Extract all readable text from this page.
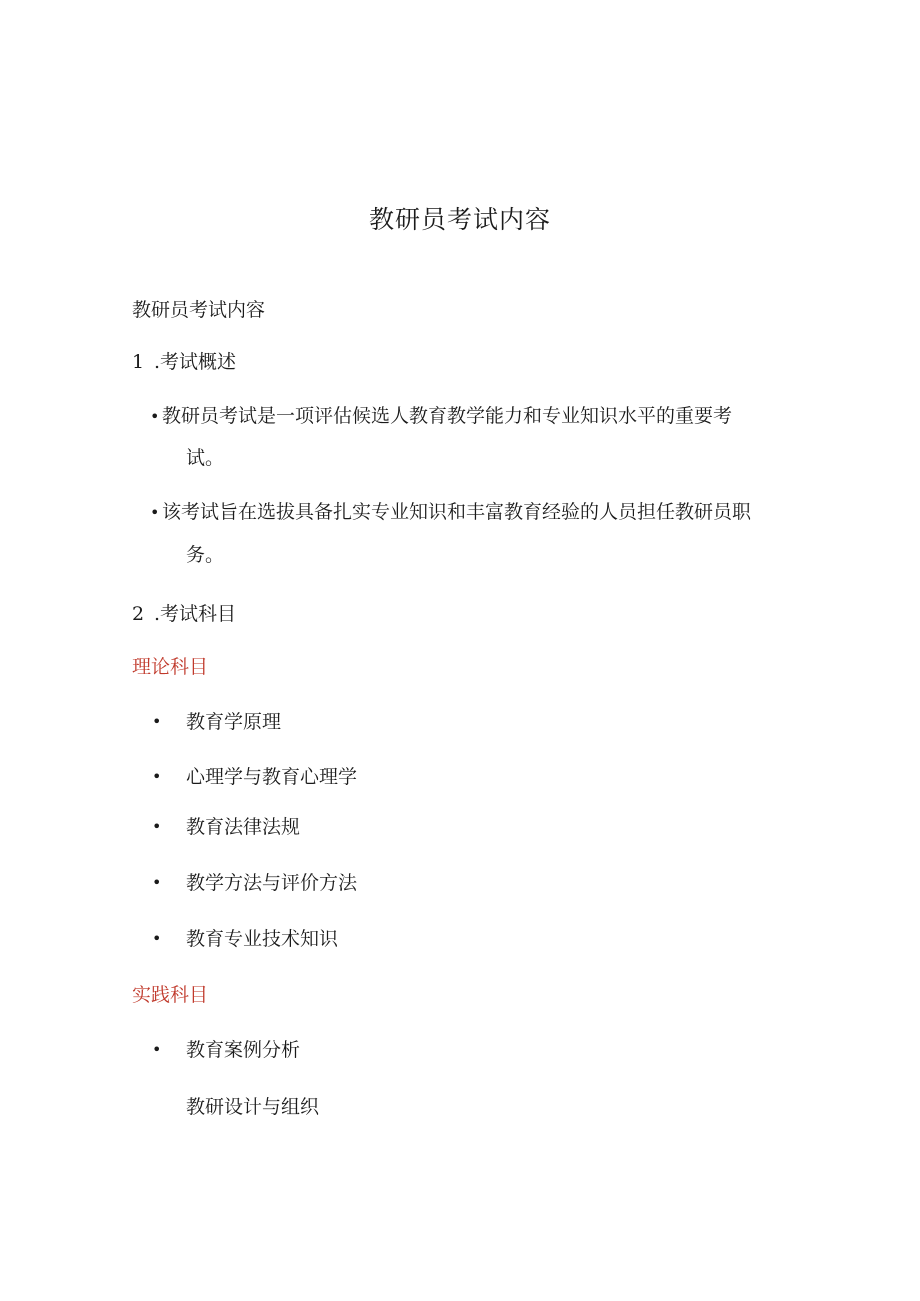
教研员考试内容
教研员考试内容
1 .考试概述
• 教研员考试是一项评估候选人教育教学能力和专业知识水平的重要考
试。
• 该考试旨在选拔具备扎实专业知识和丰富教育经验的人员担任教研员职
务。
2 .考试科目
理论科目
• 教育学原理
• 心理学与教育心理学
• 教育法律法规
• 教学方法与评价方法
• 教育专业技术知识
实践科目
• 教育案例分析
教研设计与组织
